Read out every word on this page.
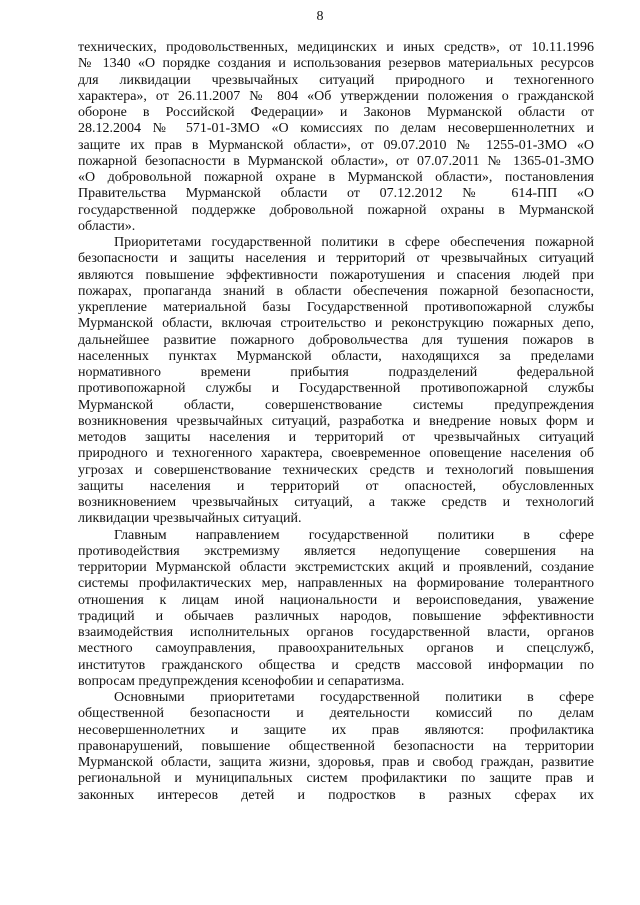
8
технических, продовольственных, медицинских и иных средств», от 10.11.1996
№ 1340 «О порядке создания и использования резервов материальных ресурсов
для ликвидации чрезвычайных ситуаций природного и техногенного
характера», от 26.11.2007 № 804 «Об утверждении положения о гражданской
обороне в Российской Федерации» и Законов Мурманской области от
28.12.2004 № 571-01-ЗМО «О комиссиях по делам несовершеннолетних и
защите их прав в Мурманской области», от 09.07.2010 № 1255-01-ЗМО «О
пожарной безопасности в Мурманской области», от 07.07.2011 № 1365-01-ЗМО
«О добровольной пожарной охране в Мурманской области», постановления
Правительства Мурманской области от 07.12.2012 № 614-ПП «О
государственной поддержке добровольной пожарной охраны в Мурманской
области».
Приоритетами государственной политики в сфере обеспечения пожарной
безопасности и защиты населения и территорий от чрезвычайных ситуаций
являются повышение эффективности пожаротушения и спасения людей при
пожарах, пропаганда знаний в области обеспечения пожарной безопасности,
укрепление материальной базы Государственной противопожарной службы
Мурманской области, включая строительство и реконструкцию пожарных депо,
дальнейшее развитие пожарного добровольчества для тушения пожаров в
населенных пунктах Мурманской области, находящихся за пределами
нормативного времени прибытия подразделений федеральной
противопожарной службы и Государственной противопожарной службы
Мурманской области, совершенствование системы предупреждения
возникновения чрезвычайных ситуаций, разработка и внедрение новых форм и
методов защиты населения и территорий от чрезвычайных ситуаций
природного и техногенного характера, своевременное оповещение населения об
угрозах и совершенствование технических средств и технологий повышения
защиты населения и территорий от опасностей, обусловленных
возникновением чрезвычайных ситуаций, а также средств и технологий
ликвидации чрезвычайных ситуаций.
Главным направлением государственной политики в сфере
противодействия экстремизму является недопущение совершения на
территории Мурманской области экстремистских акций и проявлений, создание
системы профилактических мер, направленных на формирование толерантного
отношения к лицам иной национальности и вероисповедания, уважение
традиций и обычаев различных народов, повышение эффективности
взаимодействия исполнительных органов государственной власти, органов
местного самоуправления, правоохранительных органов и спецслужб,
институтов гражданского общества и средств массовой информации по
вопросам предупреждения ксенофобии и сепаратизма.
Основными приоритетами государственной политики в сфере
общественной безопасности и деятельности комиссий по делам
несовершеннолетних и защите их прав являются: профилактика
правонарушений, повышение общественной безопасности на территории
Мурманской области, защита жизни, здоровья, прав и свобод граждан, развитие
региональной и муниципальных систем профилактики по защите прав и
законных интересов детей и подростков в разных сферах их
